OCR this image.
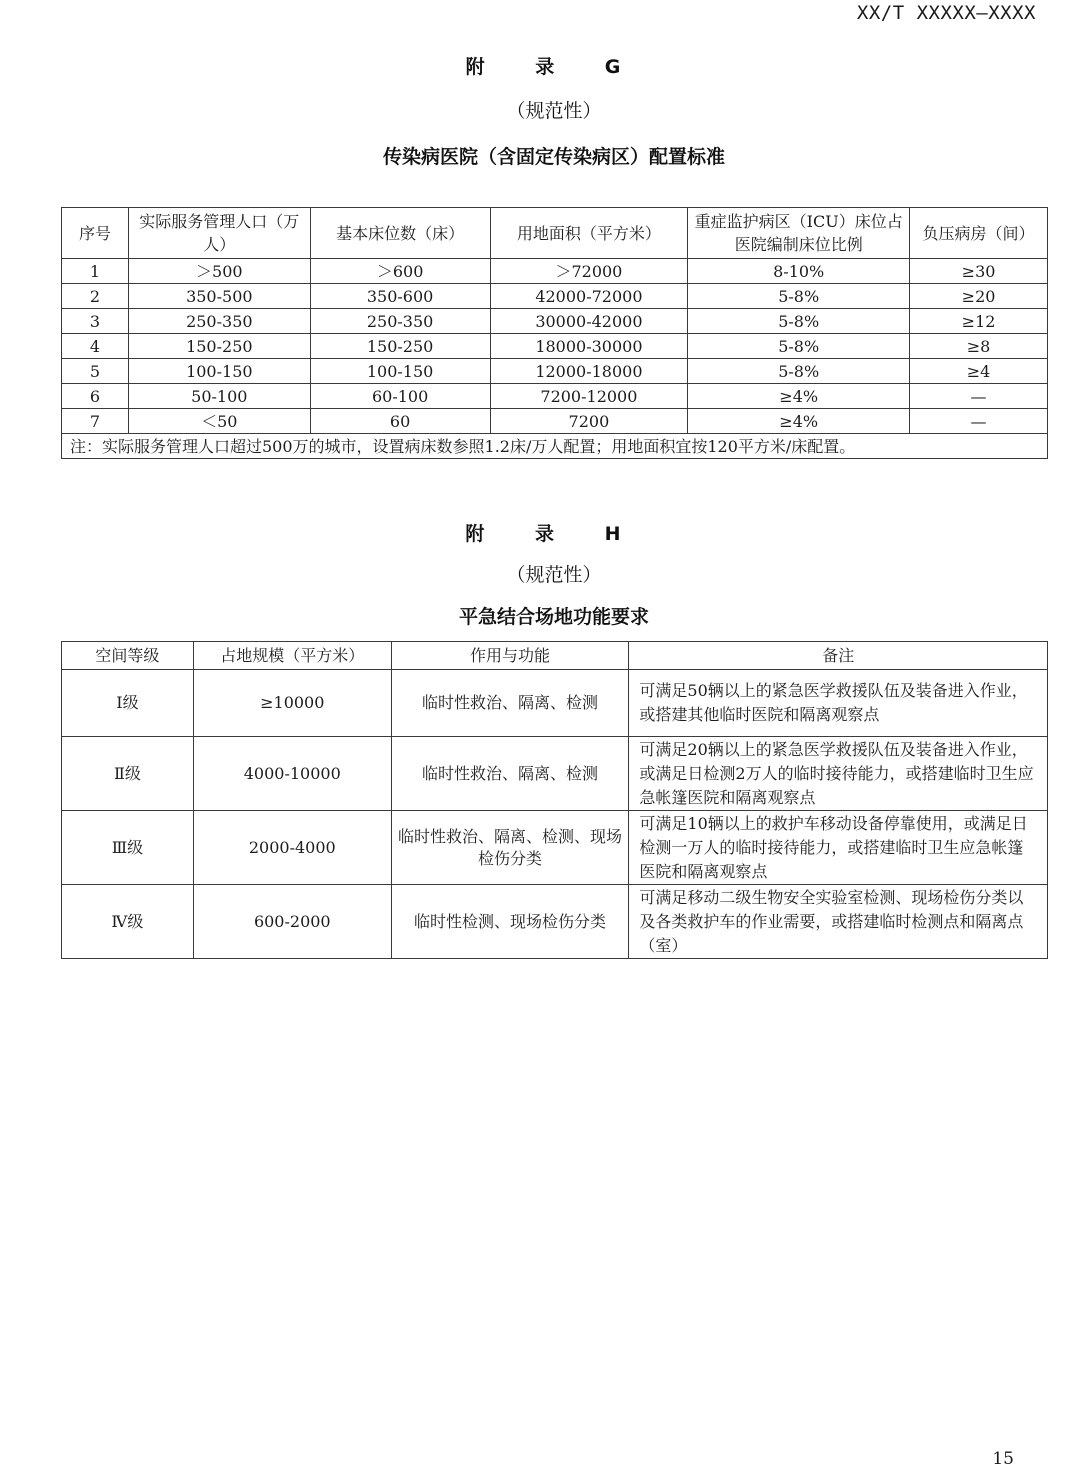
XX/T XXXXX—XXXX
附 录 G
（规范性）
传染病医院（含固定传染病区）配置标准
序号	实际服务管理人口（万人）	基本床位数（床）	用地面积（平方米）	重症监护病区（ICU）床位占医院编制床位比例	负压病房（间）
1	＞500	＞600	＞72000	8-10%	≥30
2	350-500	350-600	42000-72000	5-8%	≥20
3	250-350	250-350	30000-42000	5-8%	≥12
4	150-250	150-250	18000-30000	5-8%	≥8
5	100-150	100-150	12000-18000	5-8%	≥4
6	50-100	60-100	7200-12000	≥4%	—
7	＜50	60	7200	≥4%	—
注：实际服务管理人口超过500万的城市，设置病床数参照1.2床/万人配置；用地面积宜按120平方米/床配置。					
附 录 H
（规范性）
平急结合场地功能要求
空间等级	占地规模（平方米）	作用与功能	备注
Ⅰ级	≥10000	临时性救治、隔离、检测	可满足50辆以上的紧急医学救援队伍及装备进入作业，或搭建其他临时医院和隔离观察点
Ⅱ级	4000-10000	临时性救治、隔离、检测	可满足20辆以上的紧急医学救援队伍及装备进入作业，或满足日检测2万人的临时接待能力，或搭建临时卫生应急帐篷医院和隔离观察点
Ⅲ级	2000-4000	临时性救治、隔离、检测、现场检伤分类	可满足10辆以上的救护车移动设备停靠使用，或满足日检测一万人的临时接待能力，或搭建临时卫生应急帐篷医院和隔离观察点
Ⅳ级	600-2000	临时性检测、现场检伤分类	可满足移动二级生物安全实验室检测、现场检伤分类以及各类救护车的作业需要，或搭建临时检测点和隔离点（室）
15
